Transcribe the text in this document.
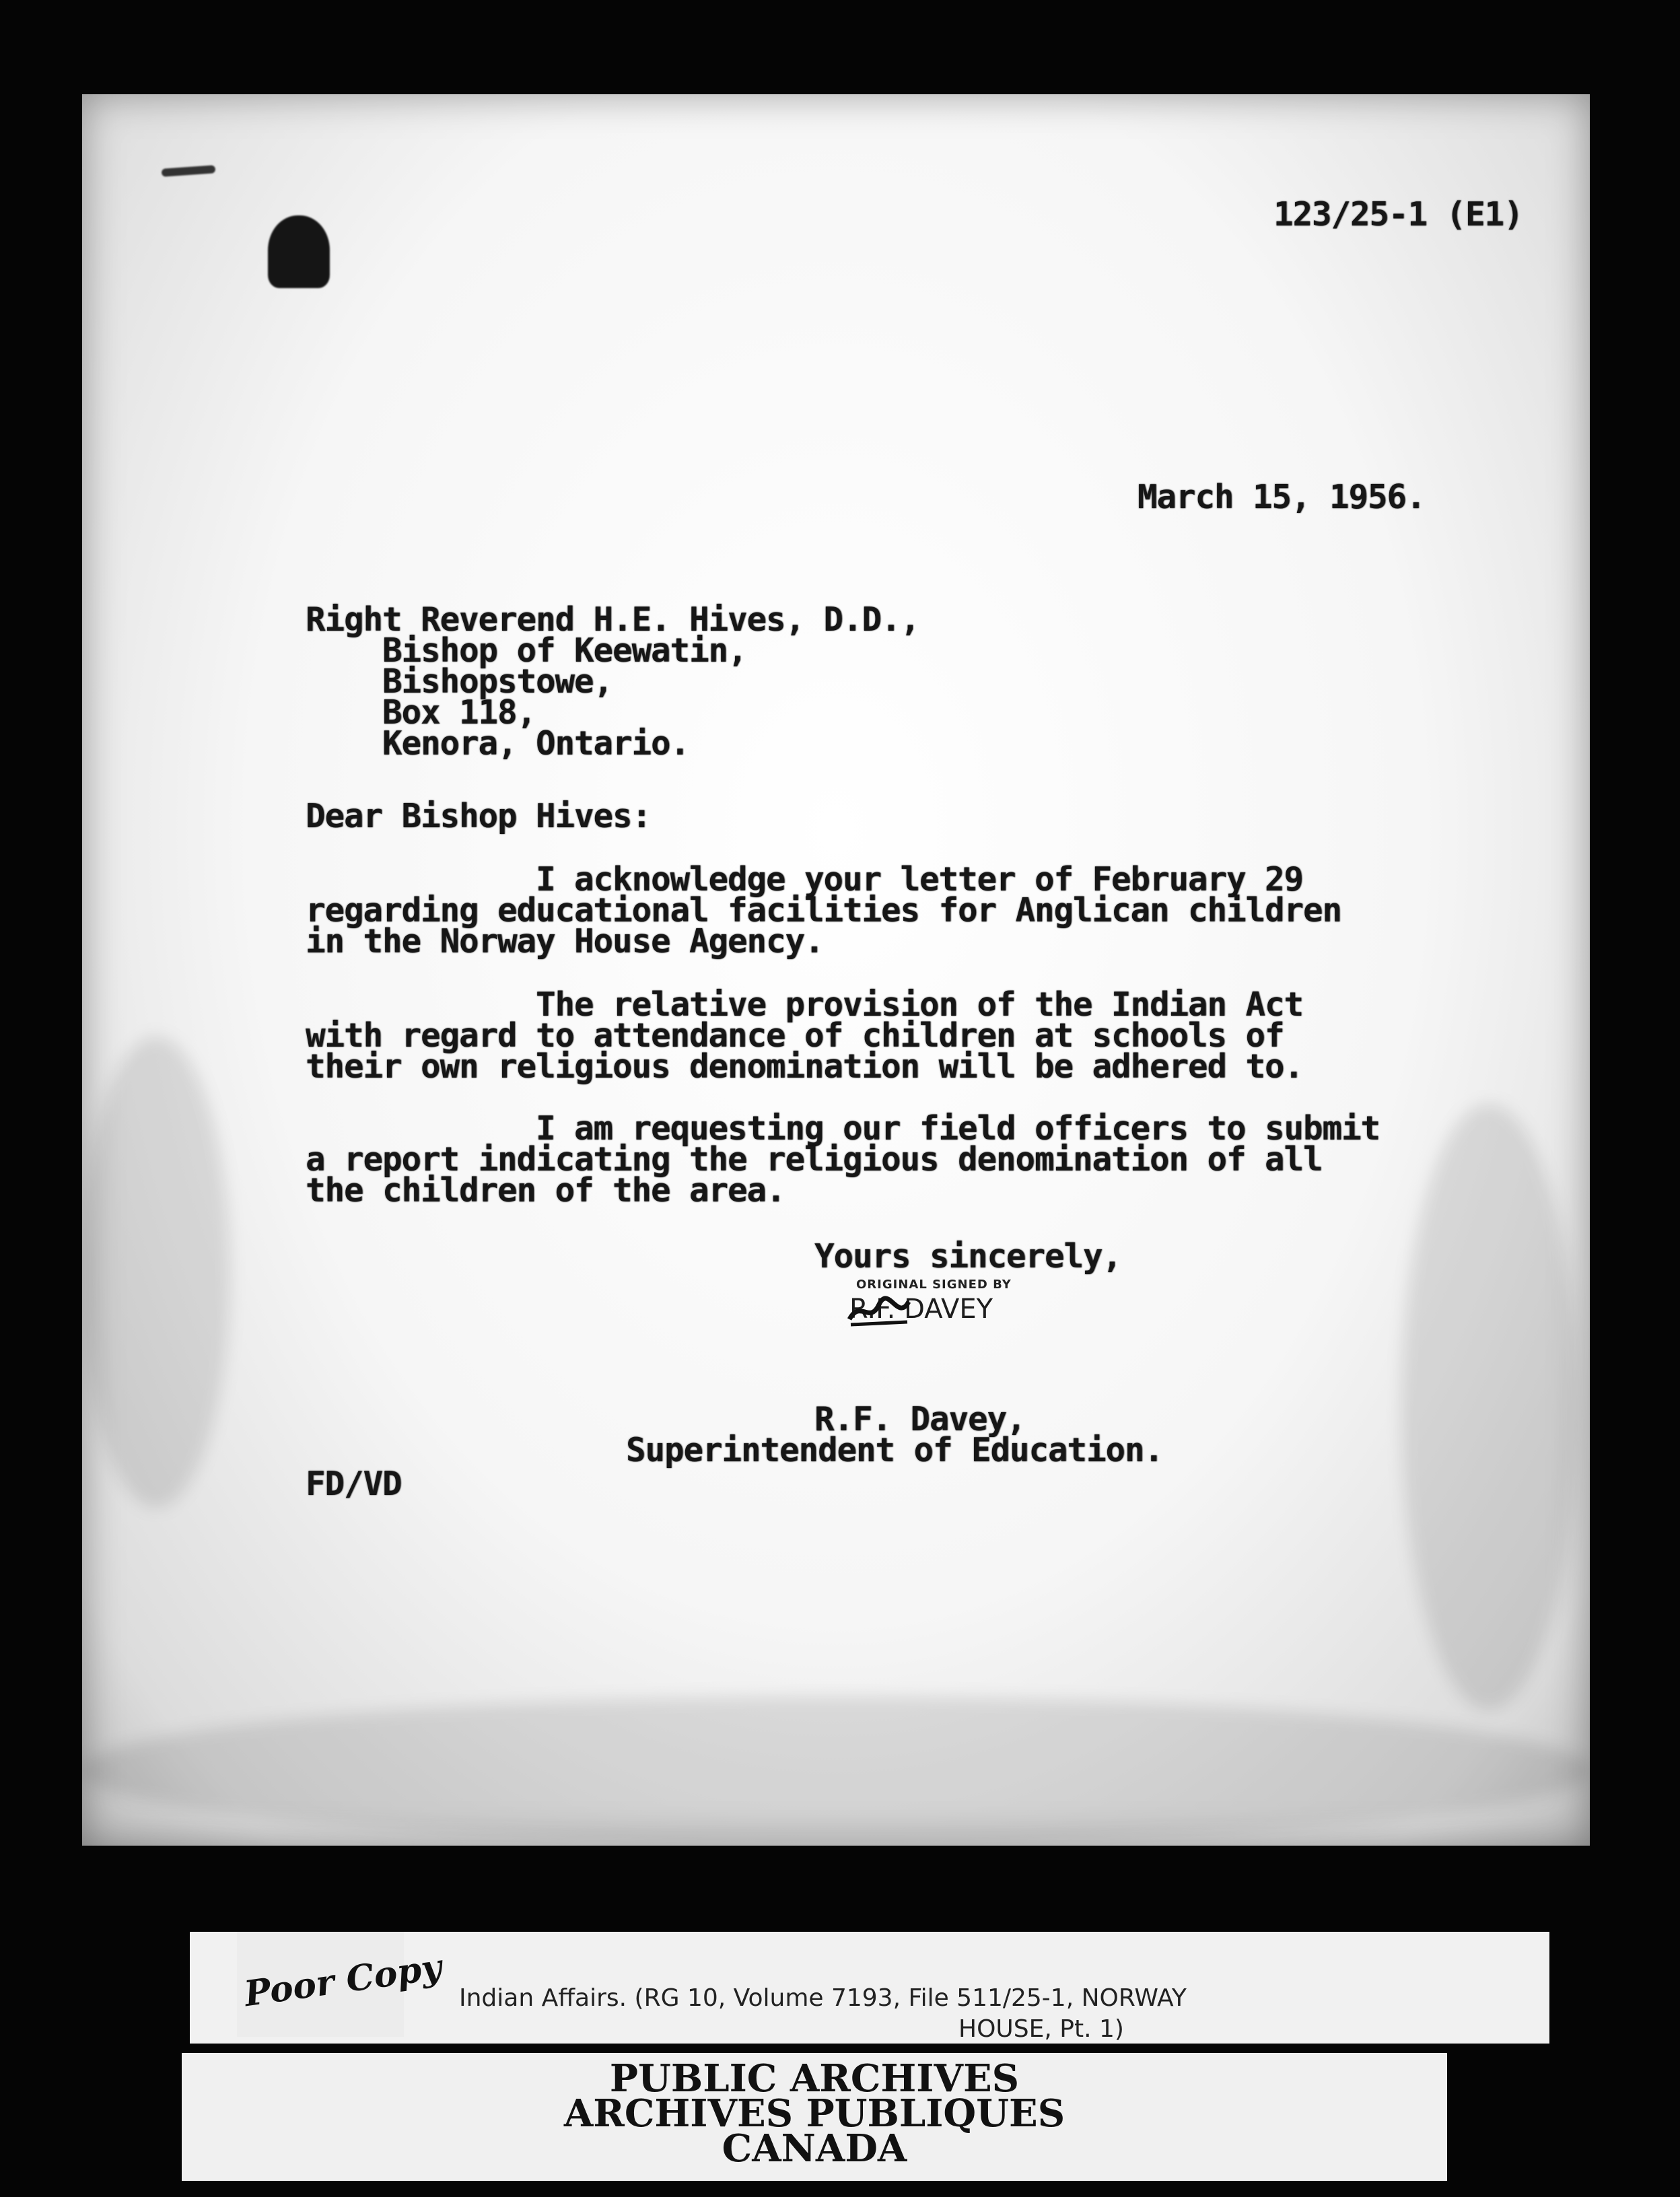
123/25-1 (E1)
March 15, 1956.
Right Reverend H.E. Hives, D.D.,
Bishop of Keewatin,
Bishopstowe,
Box 118,
Kenora, Ontario.
Dear Bishop Hives:
I acknowledge your letter of February 29
regarding educational facilities for Anglican children
in the Norway House Agency.
The relative provision of the Indian Act
with regard to attendance of children at schools of
their own religious denomination will be adhered to.
I am requesting our field officers to submit
a report indicating the religious denomination of all
the children of the area.
Yours sincerely,
ORIGINAL SIGNED BY
R.F. DAVEY
R.F. Davey,
Superintendent of Education.
FD/VD
Poor Copy Indian Affairs. (RG 10, Volume 7193, File 511/25-1, NORWAY
HOUSE, Pt. 1)
PUBLIC ARCHIVES
ARCHIVES PUBLIQUES
CANADA
